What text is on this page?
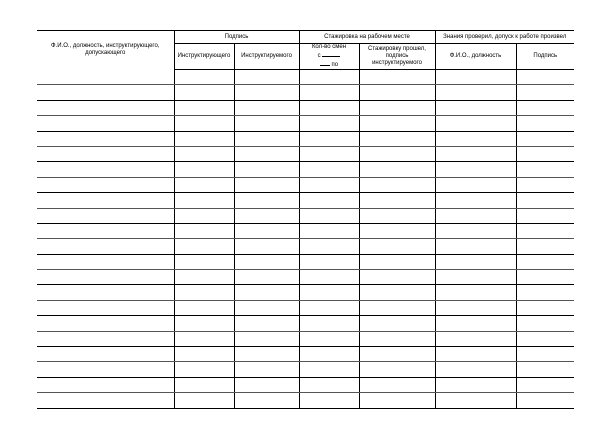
Ф.И.О., должность, инструктирующего, допускающего	Подпись		Стажировка на рабочем месте		Знания проверил, допуск к работе произвел	
	Инструктирующего	Инструктируемого	Кол-во смен
с
по	Стажировку прошел, подпись инструктируемого	Ф.И.О., должность	Подпись
